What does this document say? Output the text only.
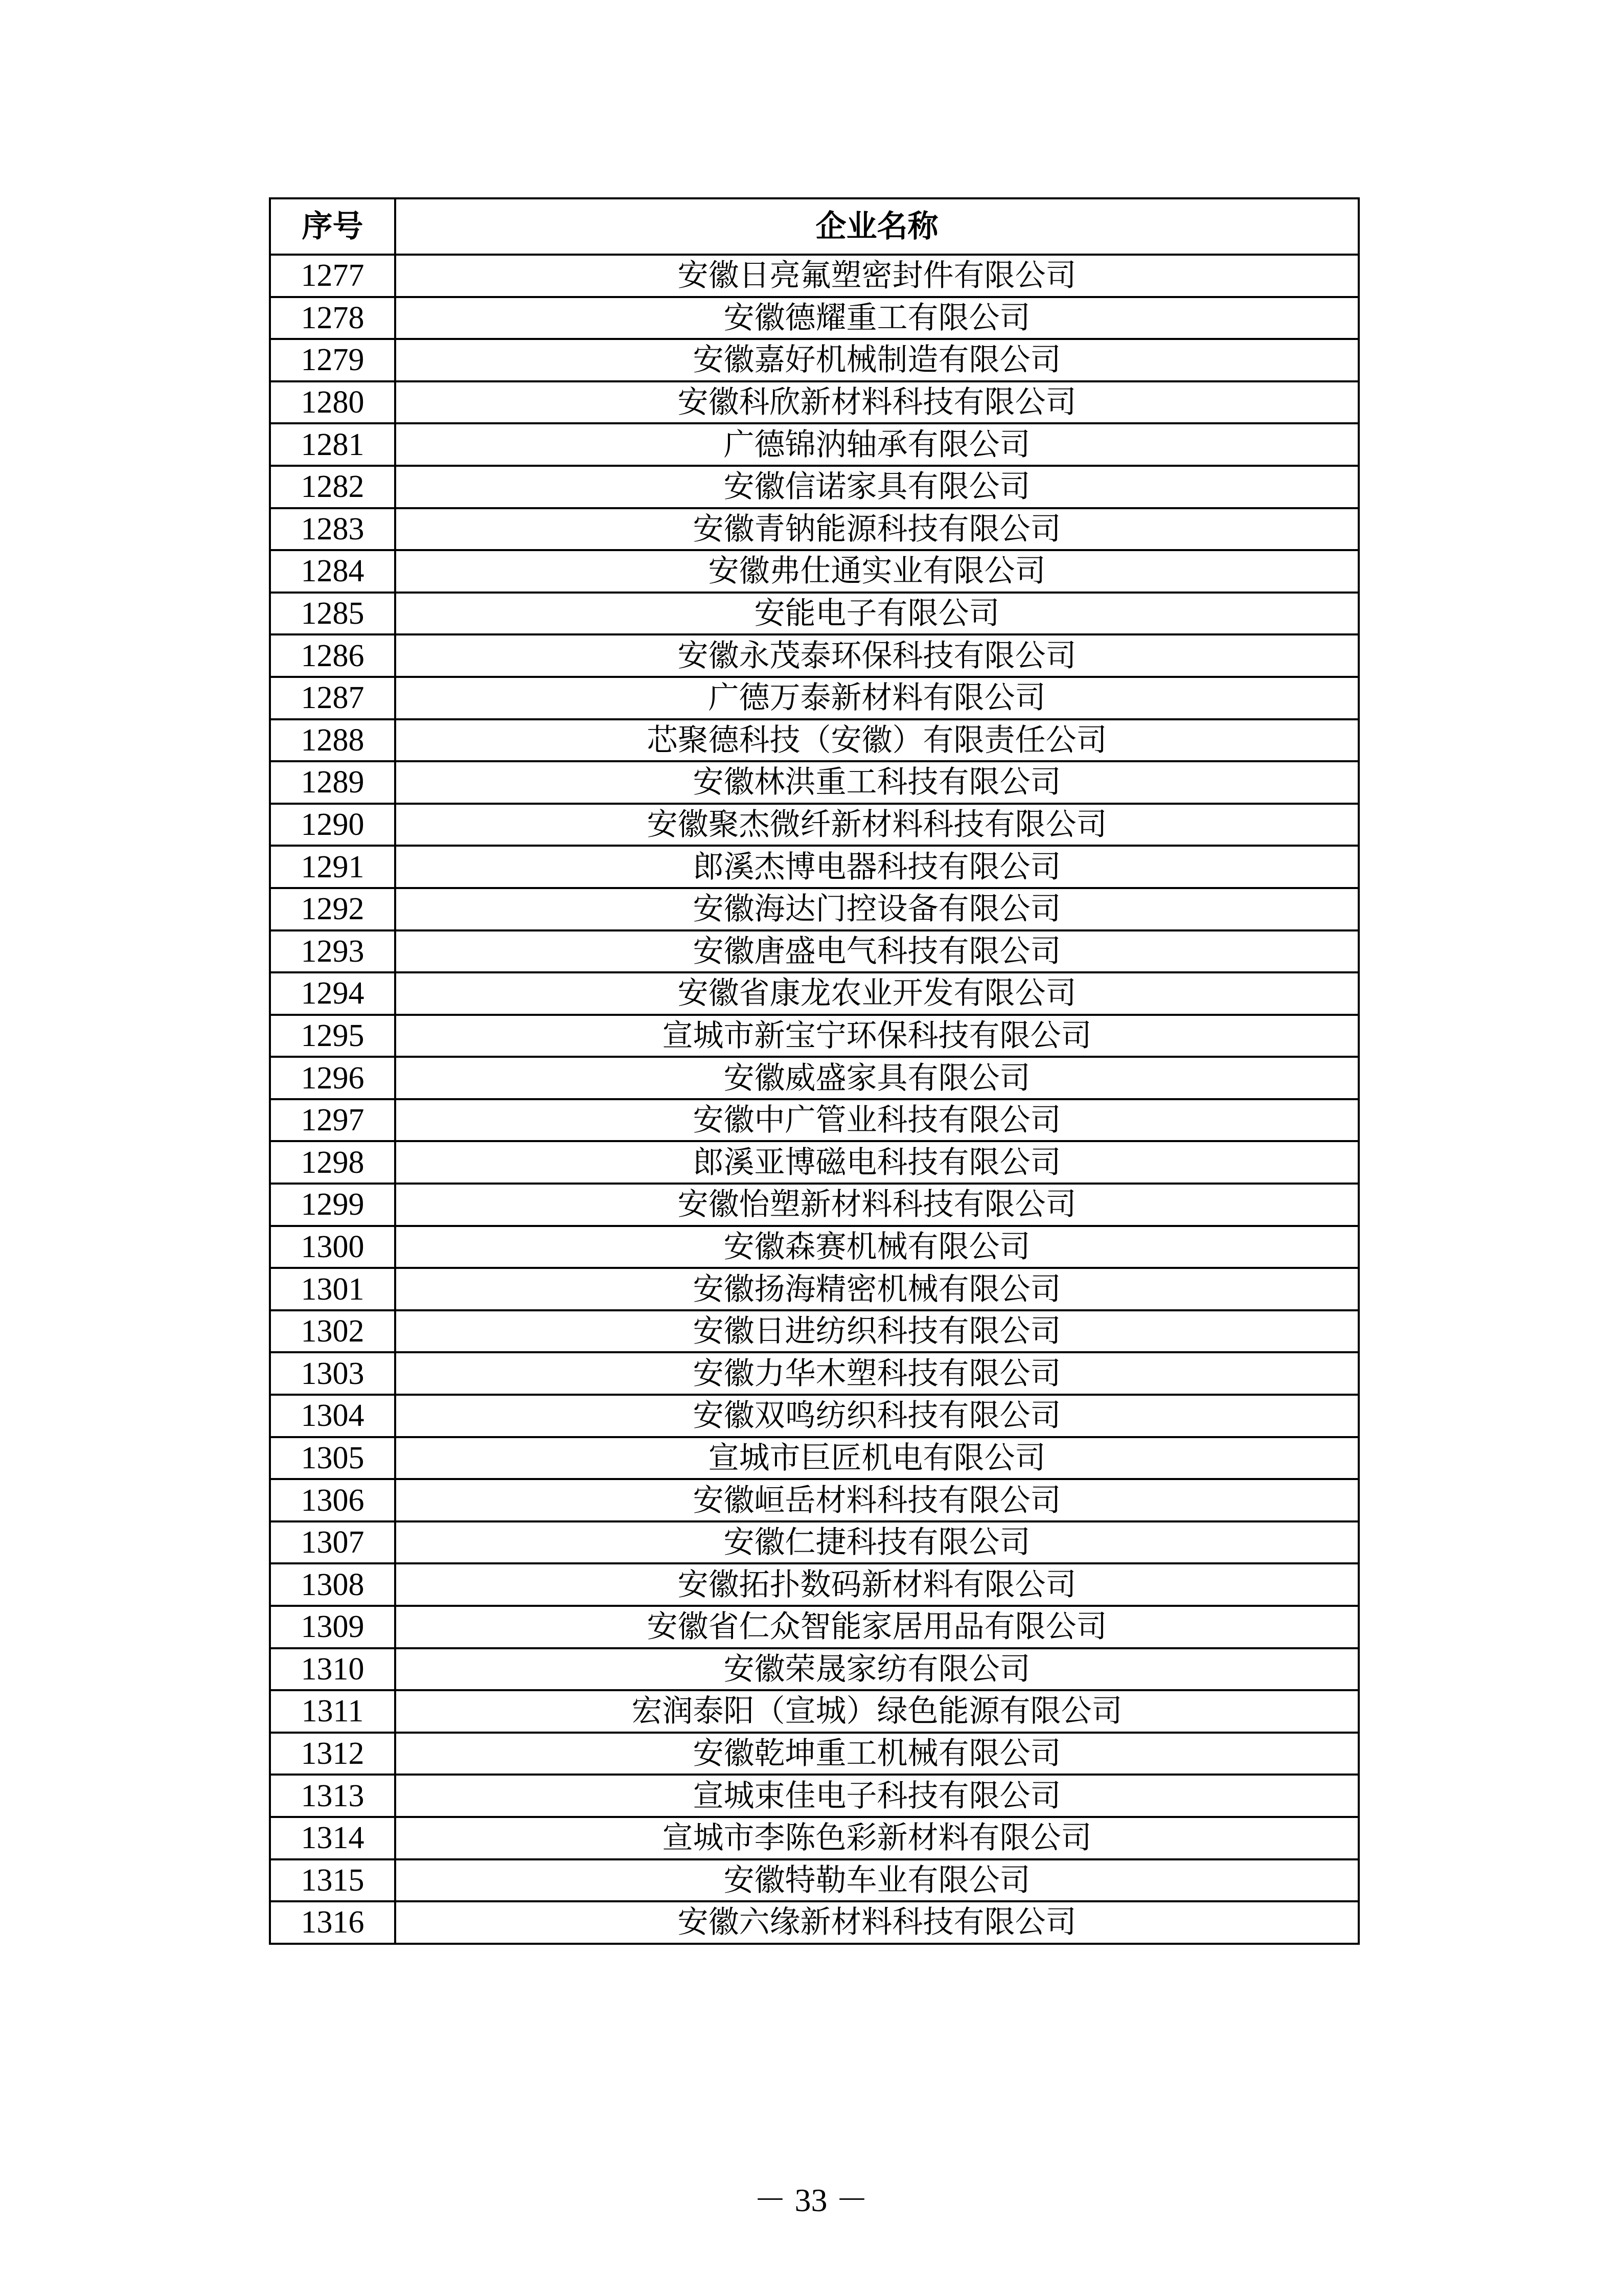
序号	企业名称
1277	安徽日亮氟塑密封件有限公司
1278	安徽德耀重工有限公司
1279	安徽嘉好机械制造有限公司
1280	安徽科欣新材料科技有限公司
1281	广德锦汭轴承有限公司
1282	安徽信诺家具有限公司
1283	安徽青钠能源科技有限公司
1284	安徽弗仕通实业有限公司
1285	安能电子有限公司
1286	安徽永茂泰环保科技有限公司
1287	广德万泰新材料有限公司
1288	芯聚德科技（安徽）有限责任公司
1289	安徽林洪重工科技有限公司
1290	安徽聚杰微纤新材料科技有限公司
1291	郎溪杰博电器科技有限公司
1292	安徽海达门控设备有限公司
1293	安徽唐盛电气科技有限公司
1294	安徽省康龙农业开发有限公司
1295	宣城市新宝宁环保科技有限公司
1296	安徽威盛家具有限公司
1297	安徽中广管业科技有限公司
1298	郎溪亚博磁电科技有限公司
1299	安徽怡塑新材料科技有限公司
1300	安徽森赛机械有限公司
1301	安徽扬海精密机械有限公司
1302	安徽日进纺织科技有限公司
1303	安徽力华木塑科技有限公司
1304	安徽双鸣纺织科技有限公司
1305	宣城市巨匠机电有限公司
1306	安徽峘岳材料科技有限公司
1307	安徽仁捷科技有限公司
1308	安徽拓扑数码新材料有限公司
1309	安徽省仁众智能家居用品有限公司
1310	安徽荣晟家纺有限公司
1311	宏润泰阳（宣城）绿色能源有限公司
1312	安徽乾坤重工机械有限公司
1313	宣城束佳电子科技有限公司
1314	宣城市李陈色彩新材料有限公司
1315	安徽特勒车业有限公司
1316	安徽六缘新材料科技有限公司
－ 33 －
